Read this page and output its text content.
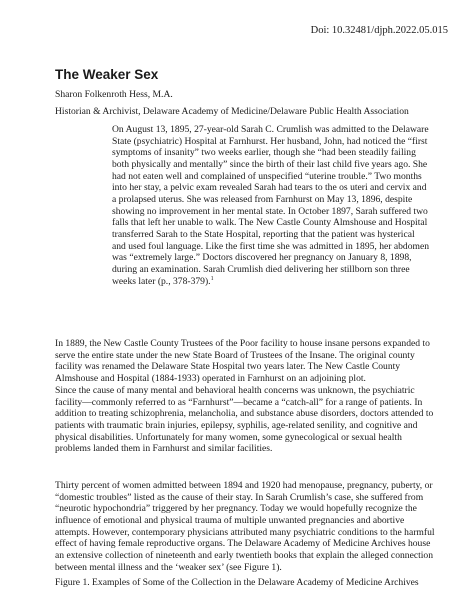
Doi: 10.32481/djph.2022.05.015
The Weaker Sex
Sharon Folkenroth Hess, M.A.
Historian & Archivist, Delaware Academy of Medicine/Delaware Public Health Association

On August 13, 1895, 27-year-old Sarah C. Crumlish was admitted to the Delaware State (psychiatric) Hospital at Farnhurst. Her husband, John, had noticed the “first symptoms of insanity” two weeks earlier, though she “had been steadily failing both physically and mentally” since the birth of their last child five years ago. She had not eaten well and complained of unspecified “uterine trouble.” Two months into her stay, a pelvic exam revealed Sarah had tears to the os uteri and cervix and a prolapsed uterus. She was released from Farnhurst on May 13, 1896, despite showing no improvement in her mental state. In October 1897, Sarah suffered two falls that left her unable to walk. The New Castle County Almshouse and Hospital transferred Sarah to the State Hospital, reporting that the patient was hysterical and used foul language. Like the first time she was admitted in 1895, her abdomen was “extremely large.” Doctors discovered her pregnancy on January 8, 1898, during an examination. Sarah Crumlish died delivering her stillborn son three weeks later (p., 378-379).$^1$

In 1889, the New Castle County Trustees of the Poor facility to house insane persons expanded to serve the entire state under the new State Board of Trustees of the Insane. The original county facility was renamed the Delaware State Hospital two years later. The New Castle County Almshouse and Hospital (1884-1933) operated in Farnhurst on an adjoining plot.

Since the cause of many mental and behavioral health concerns was unknown, the psychiatric facility—commonly referred to as “Farnhurst”—became a “catch-all” for a range of patients. In addition to treating schizophrenia, melancholia, and substance abuse disorders, doctors attended to patients with traumatic brain injuries, epilepsy, syphilis, age-related senility, and cognitive and physical disabilities. Unfortunately for many women, some gynecological or sexual health problems landed them in Farnhurst and similar facilities.

Thirty percent of women admitted between 1894 and 1920 had menopause, pregnancy, puberty, or “domestic troubles” listed as the cause of their stay. In Sarah Crumlish’s case, she suffered from “neurotic hypochondria” triggered by her pregnancy. Today we would hopefully recognize the influence of emotional and physical trauma of multiple unwanted pregnancies and abortive attempts. However, contemporary physicians attributed many psychiatric conditions to the harmful effect of having female reproductive organs. The Delaware Academy of Medicine Archives house an extensive collection of nineteenth and early twentieth books that explain the alleged connection between mental illness and the ‘weaker sex’ (see Figure 1).

Figure 1. Examples of Some of the Collection in the Delaware Academy of Medicine Archives
